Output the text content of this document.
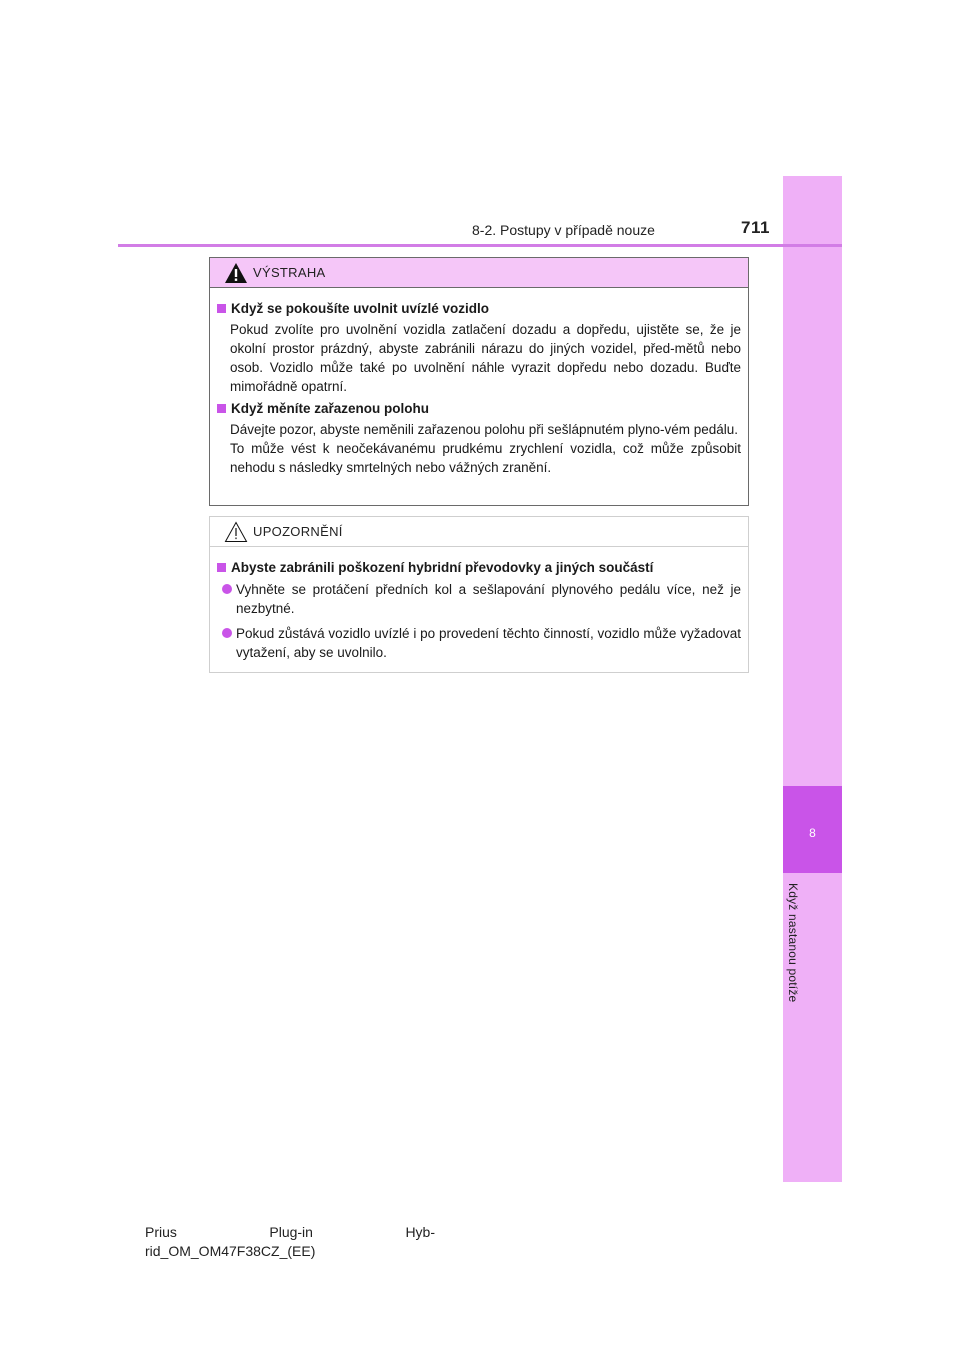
8
Když nastanou potíže
8-2. Postupy v případě nouze	711
VÝSTRAHA
Když se pokoušíte uvolnit uvízlé vozidlo
Pokud zvolíte pro uvolnění vozidla zatlačení dozadu a dopředu, ujistěte se, že je okolní prostor prázdný, abyste zabránili nárazu do jiných vozidel, před-mětů nebo osob. Vozidlo může také po uvolnění náhle vyrazit dopředu nebo dozadu. Buďte mimořádně opatrní.
Když měníte zařazenou polohu
Dávejte pozor, abyste neměnili zařazenou polohu při sešlápnutém plyno-vém pedálu.
To může vést k neočekávanému prudkému zrychlení vozidla, což může způsobit nehodu s následky smrtelných nebo vážných zranění.
UPOZORNĚNÍ
Abyste zabránili poškození hybridní převodovky a jiných součástí
Vyhněte se protáčení předních kol a sešlapování plynového pedálu více, než je nezbytné.
Pokud zůstává vozidlo uvízlé i po provedení těchto činností, vozidlo může vyžadovat vytažení, aby se uvolnilo.
Prius	Plug-in	Hyb-
rid_OM_OM47F38CZ_(EE)
